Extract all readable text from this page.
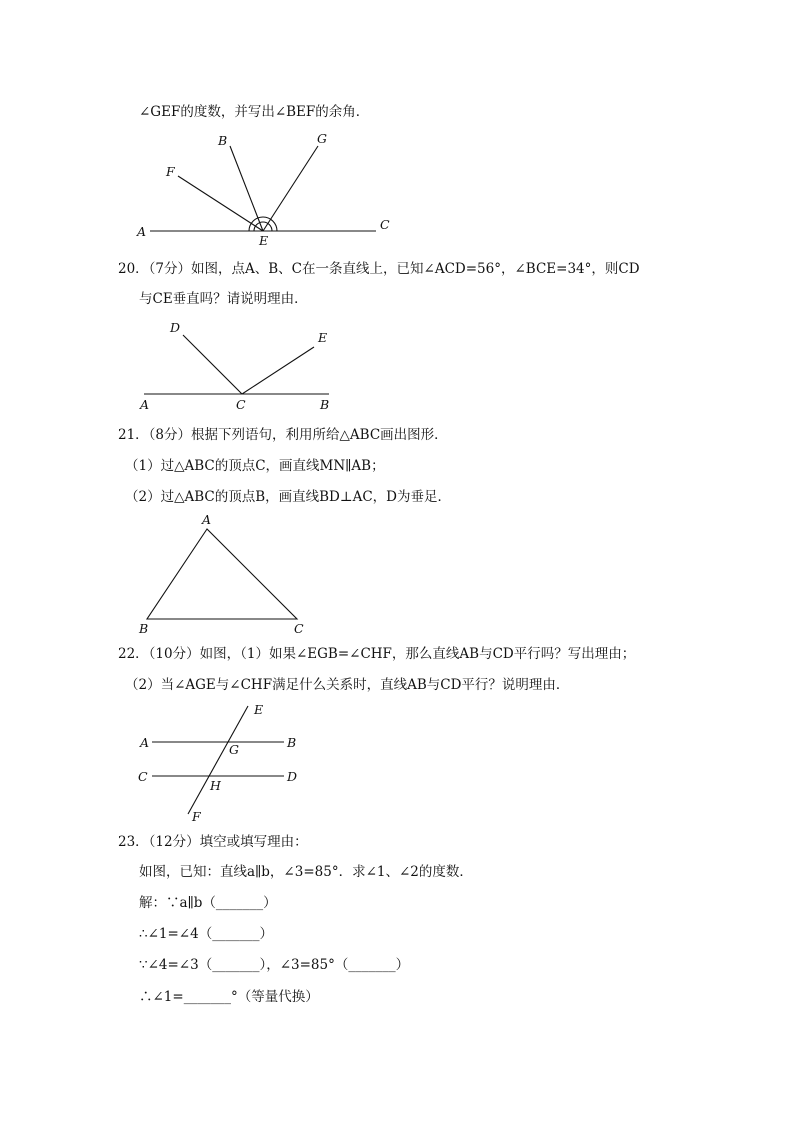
∠GEF的度数，并写出∠BEF的余角．
A	C
E
F
B	G
20．（7分）如图，点A、B、C在一条直线上，已知∠ACD=56°，∠BCE=34°，则CD
与CE垂直吗？请说明理由．
D
E
A	C	B
21．（8分）根据下列语句，利用所给△ABC画出图形．
（1）过△ABC的顶点C，画直线MN∥AB；
（2）过△ABC的顶点B，画直线BD⊥AC，D为垂足．
A
B	C
22．（10分）如图，（1）如果∠EGB=∠CHF，那么直线AB与CD平行吗？写出理由；
（2）当∠AGE与∠CHF满足什么关系时，直线AB与CD平行？说明理由．
E
A	B
G
C	D
H
F
23．（12分）填空或填写理由：
如图，已知：直线a∥b，∠3=85°．求∠1、∠2的度数．
解：∵a∥b（_______）
∴∠1=∠4（_______）
∵∠4=∠3（_______），∠3=85°（_______）
∴∠1=_______°（等量代换）
